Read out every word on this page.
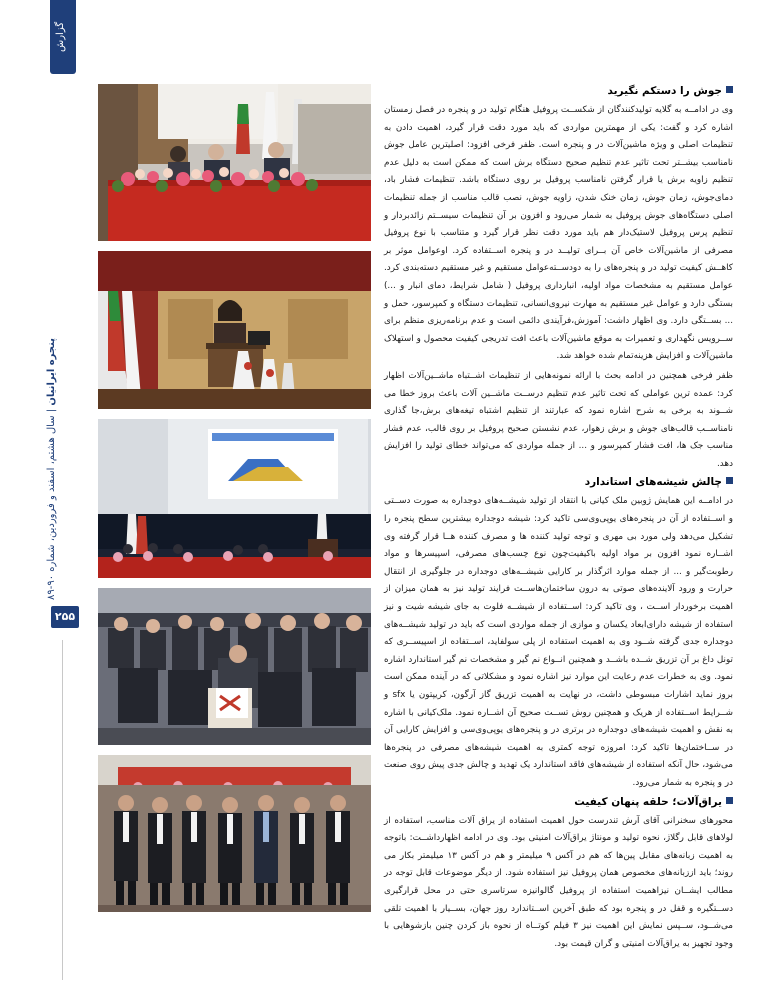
گزارش
پنجره ایرانیان | سال هشتم، اسفند و فروردین، شماره ۹۰-۸۹
۲۵۵
جوش را دستکم نگیرید

وی در ادامــه به گلایه تولیدکنندگان از شکســت پروفیل هنگام تولید در و پنجره در فصل زمستان اشاره کرد و گفت: یکی از مهمترین مواردی که باید مورد دقت قرار گیرد، اهمیت دادن به تنظیمات اصلی و ویژه ماشین‌آلات در و پنجره است. ظفر فرخی افزود: اصلیترین عامل جوش نامناسب بیشــتر تحت تاثیر عدم تنظیم صحیح دستگاه برش است که ممکن است به دلیل عدم تنظیم زاویه برش یا قرار گرفتن نامناسب پروفیل بر روی دستگاه باشد. تنظیمات فشار باد، دمای‌جوش، زمان جوش، زمان خنک شدن، زاویه جوش، نصب قالب مناسب از جمله تنظیمات اصلی دستگاه‌های جوش پروفیل به شمار می‌رود و افزون بر آن تنظیمات سیســتم زائدبردار و تنظیم پرس پروفیل لاستیک‌دار هم باید مورد دقت نظر قرار گیرد و متناسب با نوع پروفیل مصرفی از ماشین‌آلات خاص آن بــرای تولیــد در و پنجره اســتفاده کرد. اوعوامل موثر بر کاهــش کیفیت تولید در و پنجره‌های را به دودســته‌عوامل مستقیم و غیر مستقیم دسته‌بندی کرد. عوامل مستقیم به مشخصات مواد اولیه، انبارداری پروفیل ( شامل شرایط، دمای انبار و ...) بستگی دارد و عوامل غیر مستقیم به مهارت نیروی‌انسانی، تنظیمات دستگاه و کمپرسور، حمل و ... بســتگی دارد. وی اظهار داشت: آموزش،فرآیندی دائمی است و عدم برنامه‌ریزی منظم برای ســرویس نگهداری و تعمیرات به موقع ماشین‌آلات باعث افت تدریجی کیفیت محصول و استهلاک ماشین‌آلات و افزایش هزینه‌تمام شده خواهد شد.

ظفر فرخی همچنین در ادامه بحث با ارائه نمونه‌هایی از تنظیمات اشــتباه ماشــین‌آلات اظهار کرد: عمده ترین عواملی که تحت تاثیر عدم تنظیم درســت ماشــین آلات باعث بروز خطا می شــوند به برخی به شرح اشاره نمود که عبارتند از تنظیم اشتباه تیغه‌های برش،جا گذاری نامناســب قالب‌های جوش و برش زهوار، عدم نشستن صحیح پروفیل بر روی قالب، عدم فشار مناسب جک ها، افت فشار کمپرسور و ... از جمله مواردی که می‌تواند خطای تولید را افزایش دهد.

چالش شیشه‌های استاندارد

در ادامــه این همایش ژوبین ملک کیانی با انتقاد از تولید شیشــه‌های دوجداره به صورت دســتی و اســتفاده از آن در پنجره‌های یوپی‌وی‌سی تاکید کرد: شیشه دوجداره بیشترین سطح پنجره را تشکیل می‌دهد ولی مورد بی مهری و توجه تولید کننده ها و مصرف کننده هــا قرار گرفته وی اشــاره نمود افزون بر مواد اولیه باکیفیت‌چون نوع چسب‌های مصرفی، اسپیسرها و مواد رطوبت‌گیر و ... از جمله موارد اثرگذار بر کارایی شیشــه‌های دوجداره در جلوگیری از انتقال حرارت و ورود آلاینده‌های صوتی به درون ساختمان‌هاســت فرایند تولید نیز به همان میزان از اهمیت برخوردار اســت ، وی تاکید کرد: اســتفاده از شیشــه فلوت به جای شیشه شیت و نیز استفاده از شیشه دارای‌ابعاد یکسان و موازی از جمله مواردی است که باید در تولید شیشــه‌های دوجداره جدی گرفته شــود وی به اهمیت استفاده از پلی سولفاید، اســتفاده از اسپیســری که تونل داغ بر آن تزریق شــده باشــد و همچنین انــواع نم گیر و مشخصات نم گیر استاندارد اشاره نمود. وی به خطرات عدم رعایت این موارد نیز اشاره نمود و مشکلاتی که در آینده ممکن است بروز نماید اشارات مبسوطی داشت، در نهایت به اهمیت تزریق گاز آرگون، کریپتون یا sfx و شــرایط اســتفاده از هریک و همچنین روش تســت صحیح آن اشــاره نمود. ملک‌کیانی با اشاره به نقش و اهمیت شیشه‌های دوجداره در برتری در و پنجره‌های یوپی‌وی‌سی و افزایش کارایی آن در ســاختمان‌ها تاکید کرد: امروزه توجه کمتری به اهمیت شیشه‌های مصرفی در پنجره‌ها می‌شود، حال آنکه استفاده از شیشه‌های فاقد استاندارد یک تهدید و چالش جدی پیش روی صنعت در و پنجره به شمار می‌رود.

یراق‌آلات؛ حلقه پنهان کیفیت

محورهای سخنرانی آقای آرش تندرست حول اهمیت استفاده از یراق آلات مناسب، استفاده از لولاهای قابل رگلاژ، نحوه تولید و مونتاژ یراق‌آلات امنیتی بود. وی در ادامه اظهارداشــت: باتوجه به اهمیت زبانه‌های مقابل پین‌ها که هم در آکس ۹ میلیمتر و هم در آکس ۱۳ میلیمتر بکار می روند؛ باید اززبانه‌های مخصوص همان پروفیل نیز استفاده شود. از دیگر موضوعات قابل توجه در مطالب ایشــان نیزاهمیت استفاده از پروفیل گالوانیزه سرتاسری حتی در محل قرارگیری دســتگیره و قفل در و پنجره بود که طبق آخرین اســتاندارد روز جهان، بســیار با اهمیت تلقی می‌شــود، ســپس نمایش این اهمیت نیز ۳ فیلم کوتــاه از نحوه باز کردن چنین بازشوهایی با وجود تجهیز به یراق‌آلات امنیتی و گران قیمت بود.
